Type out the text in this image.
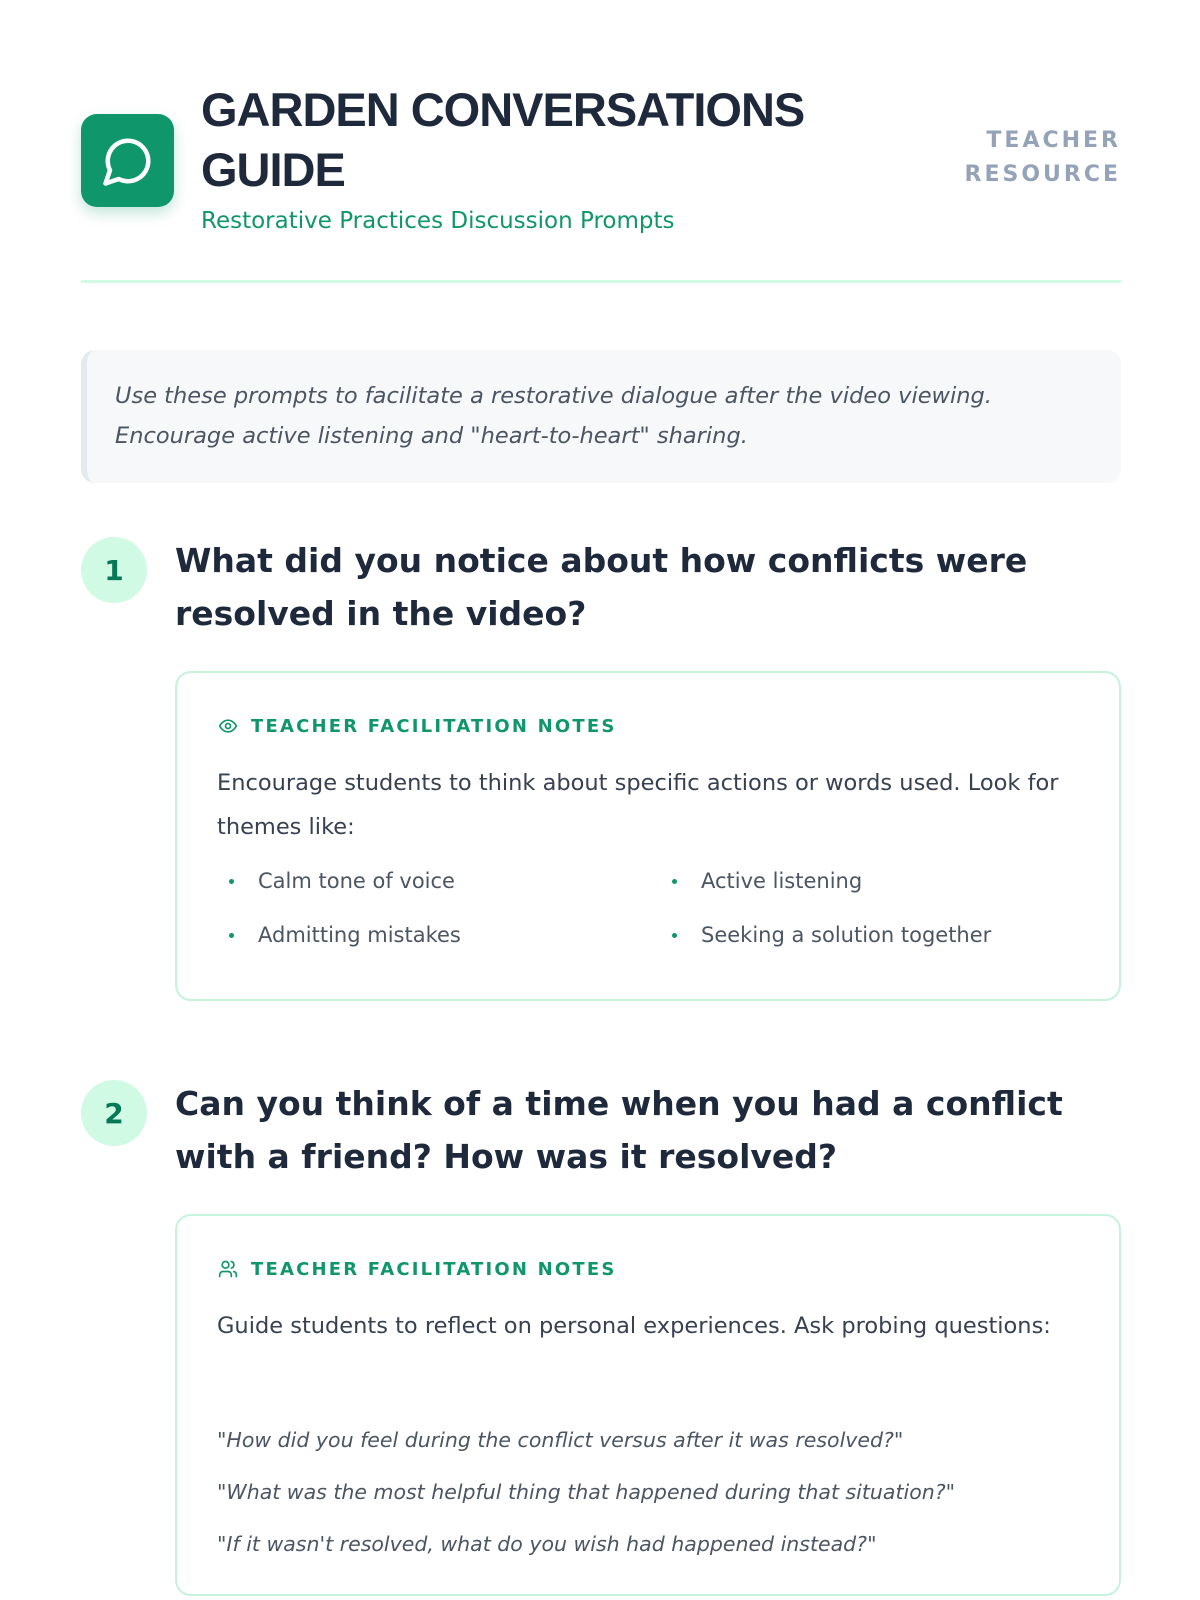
GARDEN CONVERSATIONS GUIDE
Restorative Practices Discussion Prompts
TEACHER RESOURCE
Use these prompts to facilitate a restorative dialogue after the video viewing. Encourage active listening and "heart-to-heart" sharing.
1	What did you notice about how conflicts were resolved in the video?
TEACHER FACILITATION NOTES
Encourage students to think about specific actions or words used. Look for themes like:
Calm tone of voice	Active listening
Admitting mistakes	Seeking a solution together
2	Can you think of a time when you had a conflict with a friend? How was it resolved?
TEACHER FACILITATION NOTES
Guide students to reflect on personal experiences. Ask probing questions:
"How did you feel during the conflict versus after it was resolved?"
"What was the most helpful thing that happened during that situation?"
"If it wasn't resolved, what do you wish had happened instead?"
